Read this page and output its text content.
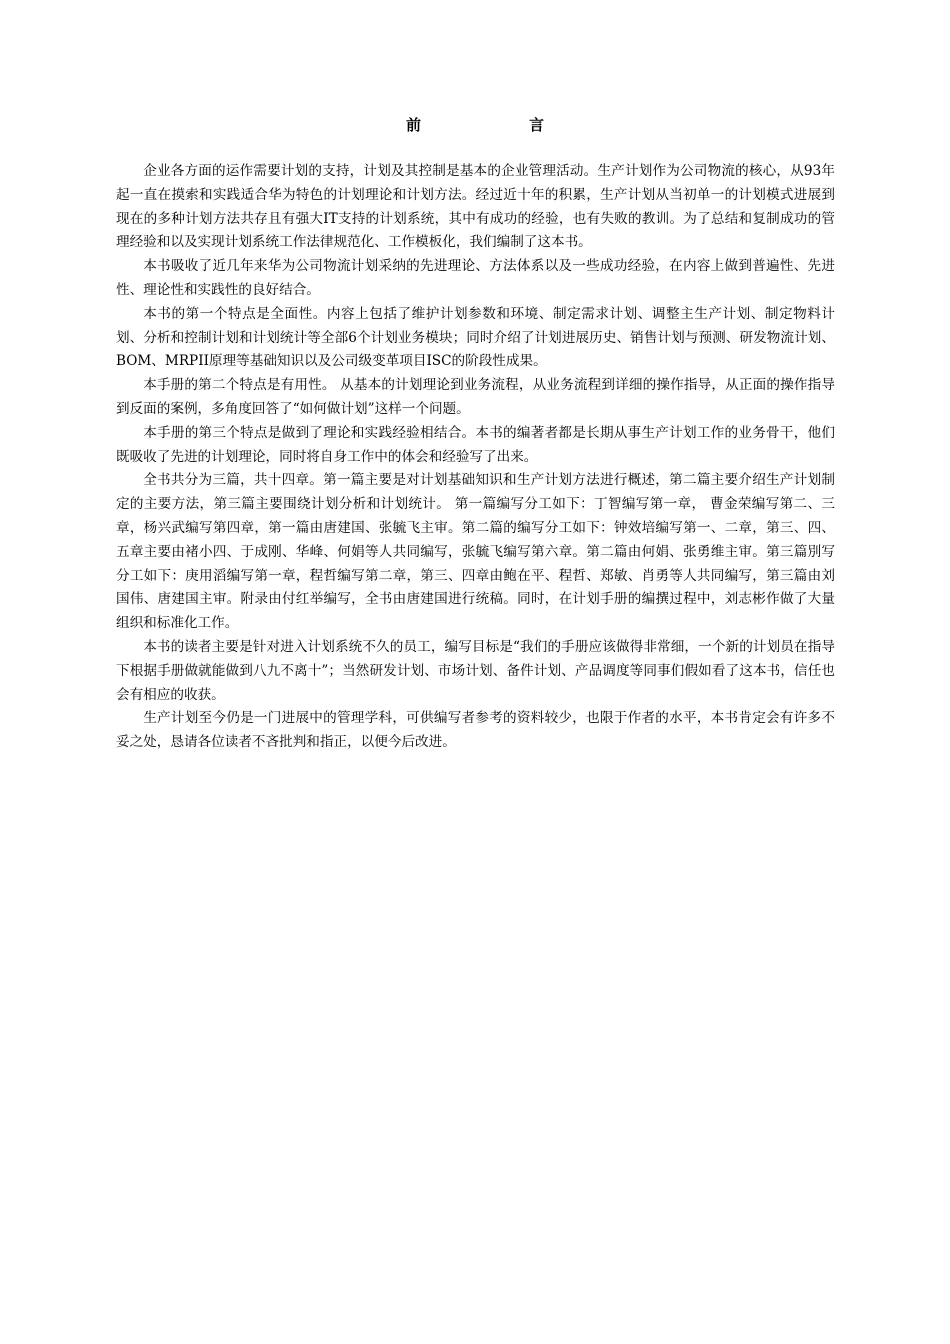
前	言

企业各方面的运作需要计划的支持，计划及其控制是基本的企业管理活动。生产计划作为公司物流的核心，从93年起一直在摸索和实践适合华为特色的计划理论和计划方法。经过近十年的积累，生产计划从当初单一的计划模式进展到现在的多种计划方法共存且有强大IT支持的计划系统，其中有成功的经验，也有失败的教训。为了总结和复制成功的管理经验和以及实现计划系统工作法律规范化、工作模板化，我们编制了这本书。

本书吸收了近几年来华为公司物流计划采纳的先进理论、方法体系以及一些成功经验，在内容上做到普遍性、先进性、理论性和实践性的良好结合。

本书的第一个特点是全面性。内容上包括了维护计划参数和环境、制定需求计划、调整主生产计划、制定物料计划、分析和控制计划和计划统计等全部6个计划业务模块；同时介绍了计划进展历史、销售计划与预测、研发物流计划、BOM、MRPII原理等基础知识以及公司级变革项目ISC的阶段性成果。

本手册的第二个特点是有用性。 从基本的计划理论到业务流程，从业务流程到详细的操作指导，从正面的操作指导到反面的案例，多角度回答了“如何做计划”这样一个问题。

本手册的第三个特点是做到了理论和实践经验相结合。本书的编著者都是长期从事生产计划工作的业务骨干，他们既吸收了先进的计划理论，同时将自身工作中的体会和经验写了出来。

全书共分为三篇，共十四章。第一篇主要是对计划基础知识和生产计划方法进行概述，第二篇主要介绍生产计划制定的主要方法，第三篇主要围绕计划分析和计划统计。 第一篇编写分工如下：丁智编写第一章， 曹金荣编写第二、三章，杨兴武编写第四章，第一篇由唐建国、张毓飞主审。第二篇的编写分工如下：钟效培编写第一、二章，第三、四、五章主要由褚小四、于成刚、华峰、何娟等人共同编写，张毓飞编写第六章。第二篇由何娟、张勇维主审。第三篇別写分工如下：庚用滔编写第一章，程哲编写第二章，第三、四章由鲍在平、程哲、郑敏、肖勇等人共同编写，第三篇由刘国伟、唐建国主审。附录由付红举编写，全书由唐建国进行统稿。同时，在计划手册的编撰过程中，刘志彬作做了大量组织和标准化工作。

本书的读者主要是针对进入计划系统不久的员工，编写目标是“我们的手册应该做得非常细，一个新的计划员在指导下根据手册做就能做到八九不离十”；当然研发计划、市场计划、备件计划、产品调度等同事们假如看了这本书，信任也会有相应的收获。

生产计划至今仍是一门进展中的管理学科，可供编写者参考的资料较少，也限于作者的水平，本书肯定会有许多不妥之处，恳请各位读者不吝批判和指正，以便今后改进。
